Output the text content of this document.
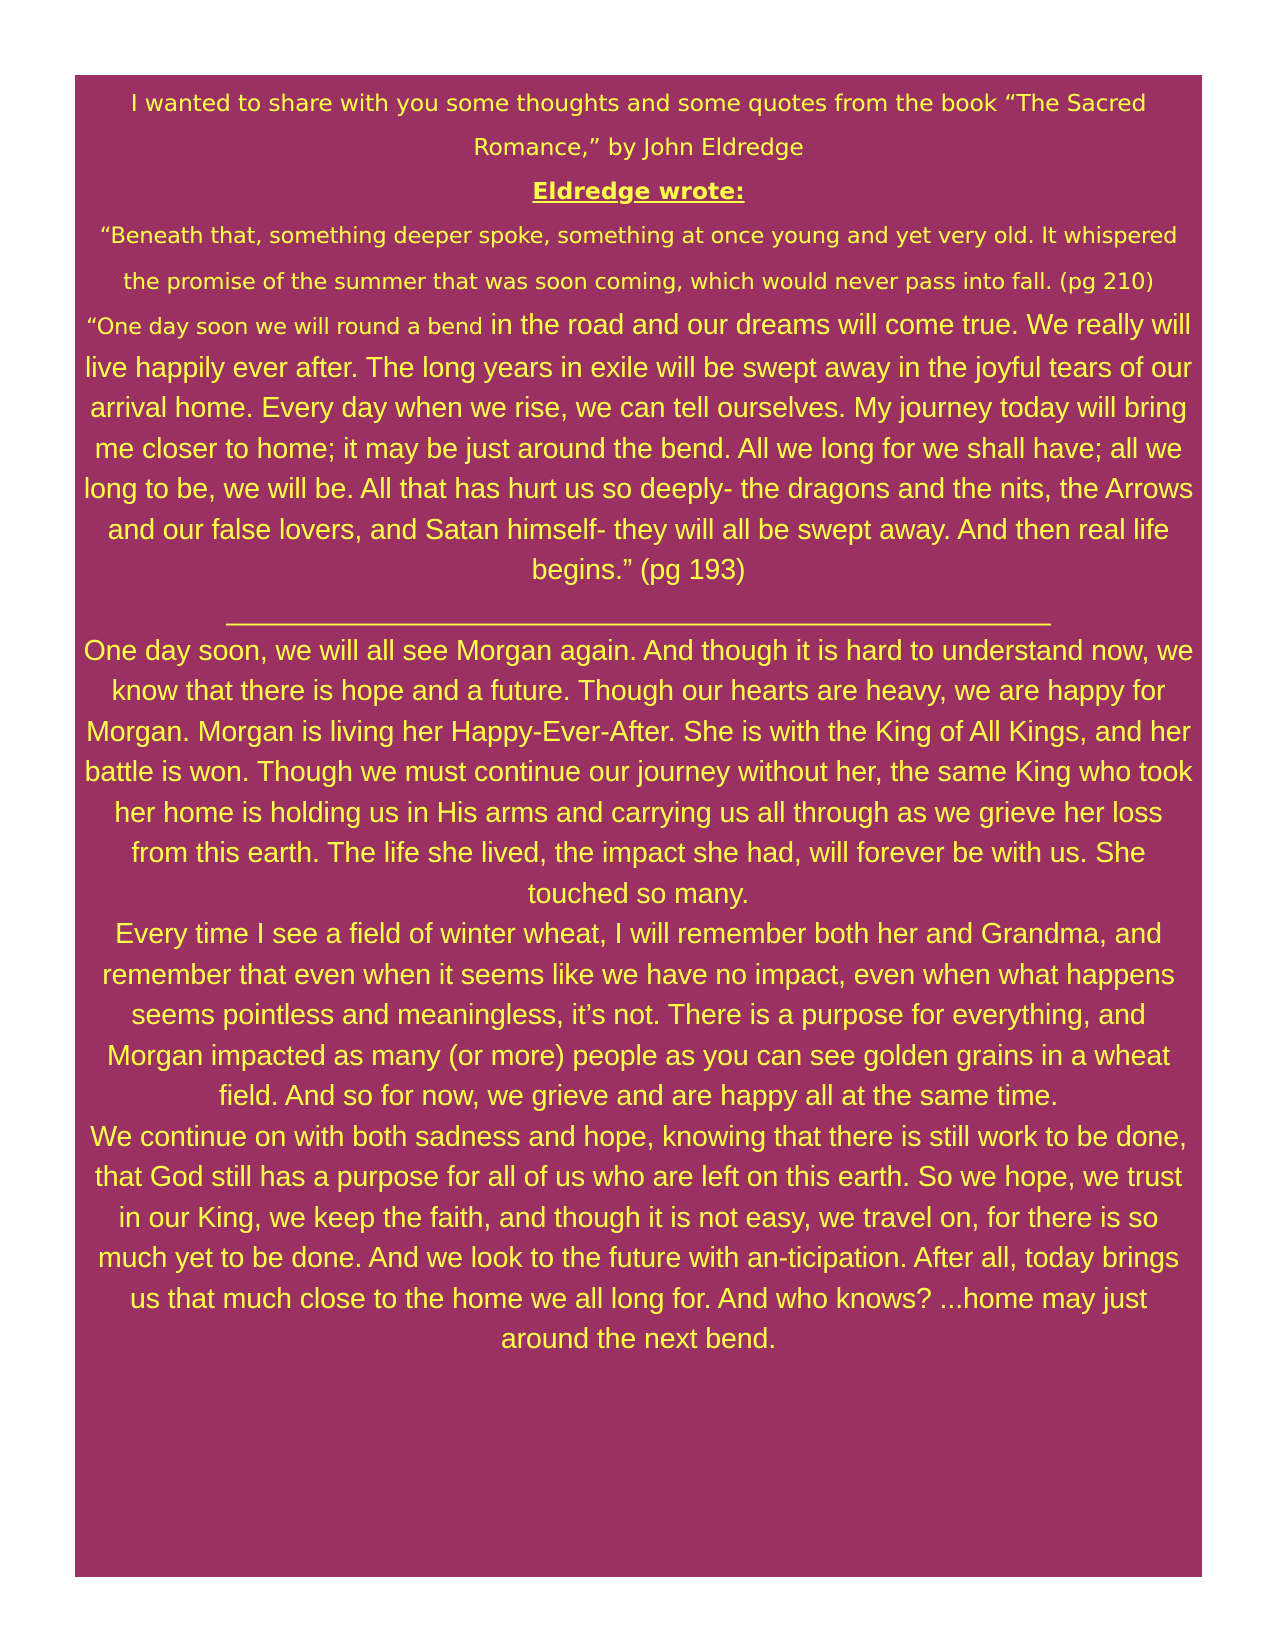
I wanted to share with you some thoughts and some quotes from the book “The Sacred Romance,” by John Eldredge

Eldredge wrote:

“Beneath that, something deeper spoke, something at once young and yet very old. It whispered the promise of the summer that was soon coming, which would never pass into fall. (pg 210)

“One day soon we will round a bend in the road and our dreams will come true. We really will live happily ever after. The long years in exile will be swept away in the joyful tears of our arrival home. Every day when we rise, we can tell ourselves. My journey today will bring me closer to home; it may be just around the bend. All we long for we shall have; all we long to be, we will be. All that has hurt us so deeply- the dragons and the nits, the Arrows and our false lovers, and Satan himself- they will all be swept away. And then real life begins.” (pg 193)

____________________________________________________

One day soon, we will all see Morgan again. And though it is hard to understand now, we know that there is hope and a future. Though our hearts are heavy, we are happy for Morgan. Morgan is living her Happy-Ever-After. She is with the King of All Kings, and her battle is won. Though we must continue our journey without her, the same King who took her home is holding us in His arms and carrying us all through as we grieve her loss from this earth. The life she lived, the impact she had, will forever be with us. She touched so many.

Every time I see a field of winter wheat, I will remember both her and Grandma, and remember that even when it seems like we have no impact, even when what happens seems pointless and meaningless, it’s not. There is a purpose for everything, and Morgan impacted as many (or more) people as you can see golden grains in a wheat field. And so for now, we grieve and are happy all at the same time.

We continue on with both sadness and hope, knowing that there is still work to be done, that God still has a purpose for all of us who are left on this earth. So we hope, we trust in our King, we keep the faith, and though it is not easy, we travel on, for there is so much yet to be done. And we look to the future with an-ticipation. After all, today brings us that much close to the home we all long for. And who knows? ...home may just around the next bend.
